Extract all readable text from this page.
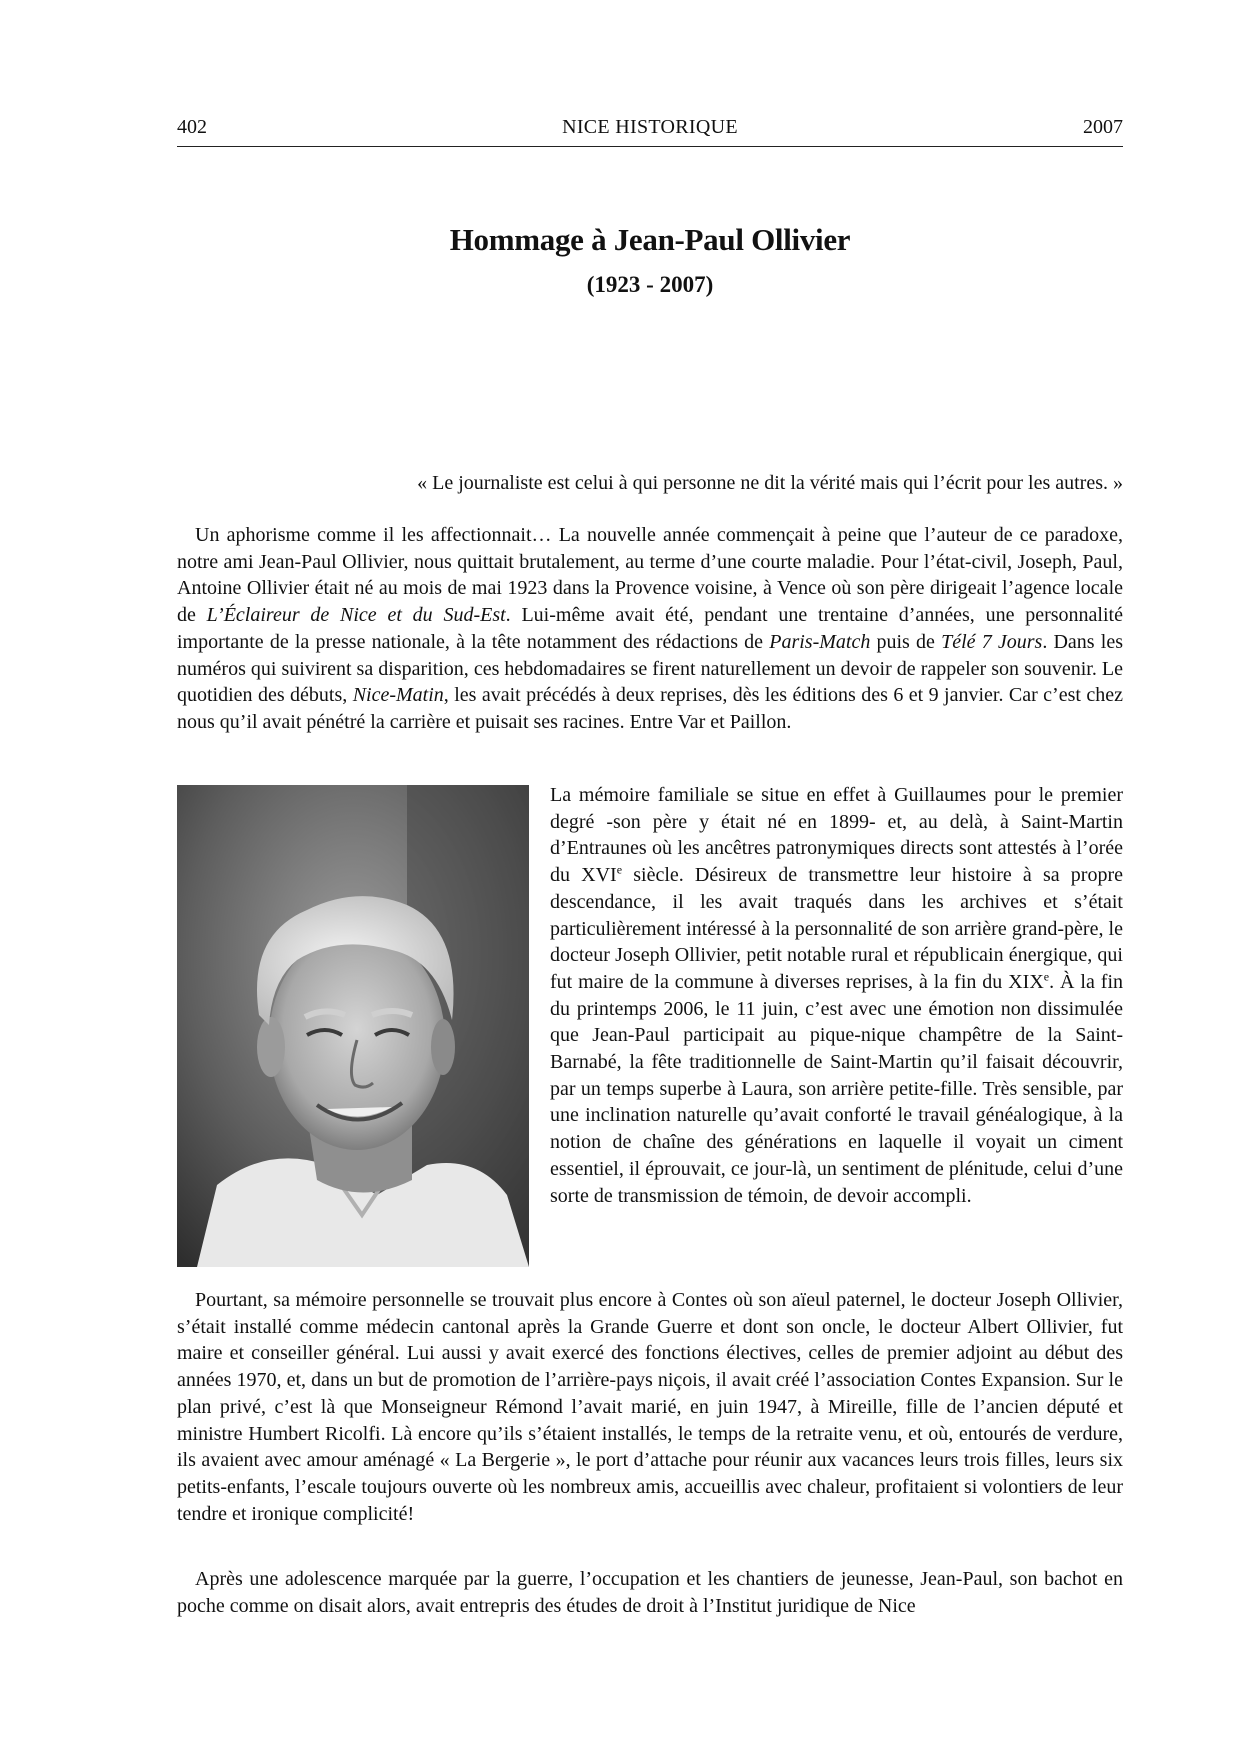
402	NICE HISTORIQUE	2007
Hommage à Jean-Paul Ollivier
(1923 - 2007)
« Le journaliste est celui à qui personne ne dit la vérité mais qui l’écrit pour les autres. »

Un aphorisme comme il les affectionnait… La nouvelle année commençait à peine que l’auteur de ce paradoxe, notre ami Jean-Paul Ollivier, nous quittait brutalement, au terme d’une courte maladie. Pour l’état-civil, Joseph, Paul, Antoine Ollivier était né au mois de mai 1923 dans la Provence voisine, à Vence où son père dirigeait l’agence locale de L’Éclaireur de Nice et du Sud-Est. Lui-même avait été, pendant une trentaine d’années, une personnalité importante de la presse nationale, à la tête notamment des rédactions de Paris-Match puis de Télé 7 Jours. Dans les numéros qui suivirent sa disparition, ces hebdomadaires se firent naturellement un devoir de rappeler son souvenir. Le quotidien des débuts, Nice-Matin, les avait précédés à deux reprises, dès les éditions des 6 et 9 janvier. Car c’est chez nous qu’il avait pénétré la carrière et puisait ses racines. Entre Var et Paillon.

La mémoire familiale se situe en effet à Guillaumes pour le premier degré -son père y était né en 1899- et, au delà, à Saint-Martin d’Entraunes où les ancêtres patronymiques directs sont attestés à l’orée du XVIe siècle. Désireux de transmettre leur histoire à sa propre descendance, il les avait traqués dans les archives et s’était particulièrement intéressé à la personnalité de son arrière grand-père, le docteur Joseph Ollivier, petit notable rural et républicain énergique, qui fut maire de la commune à diverses reprises, à la fin du XIXe. À la fin du printemps 2006, le 11 juin, c’est avec une émotion non dissimulée que Jean-Paul participait au pique-nique champêtre de la Saint-Barnabé, la fête traditionnelle de Saint-Martin qu’il faisait découvrir, par un temps superbe à Laura, son arrière petite-fille. Très sensible, par une inclination naturelle qu’avait conforté le travail généalogique, à la notion de chaîne des générations en laquelle il voyait un ciment essentiel, il éprouvait, ce jour-là, un sentiment de plénitude, celui d’une sorte de transmission de témoin, de devoir accompli.

Pourtant, sa mémoire personnelle se trouvait plus encore à Contes où son aïeul paternel, le docteur Joseph Ollivier, s’était installé comme médecin cantonal après la Grande Guerre et dont son oncle, le docteur Albert Ollivier, fut maire et conseiller général. Lui aussi y avait exercé des fonctions électives, celles de premier adjoint au début des années 1970, et, dans un but de promotion de l’arrière-pays niçois, il avait créé l’association Contes Expansion. Sur le plan privé, c’est là que Monseigneur Rémond l’avait marié, en juin 1947, à Mireille, fille de l’ancien député et ministre Humbert Ricolfi. Là encore qu’ils s’étaient installés, le temps de la retraite venu, et où, entourés de verdure, ils avaient avec amour aménagé « La Bergerie », le port d’attache pour réunir aux vacances leurs trois filles, leurs six petits-enfants, l’escale toujours ouverte où les nombreux amis, accueillis avec chaleur, profitaient si volontiers de leur tendre et ironique complicité!

Après une adolescence marquée par la guerre, l’occupation et les chantiers de jeunesse, Jean-Paul, son bachot en poche comme on disait alors, avait entrepris des études de droit à l’Institut juridique de Nice
